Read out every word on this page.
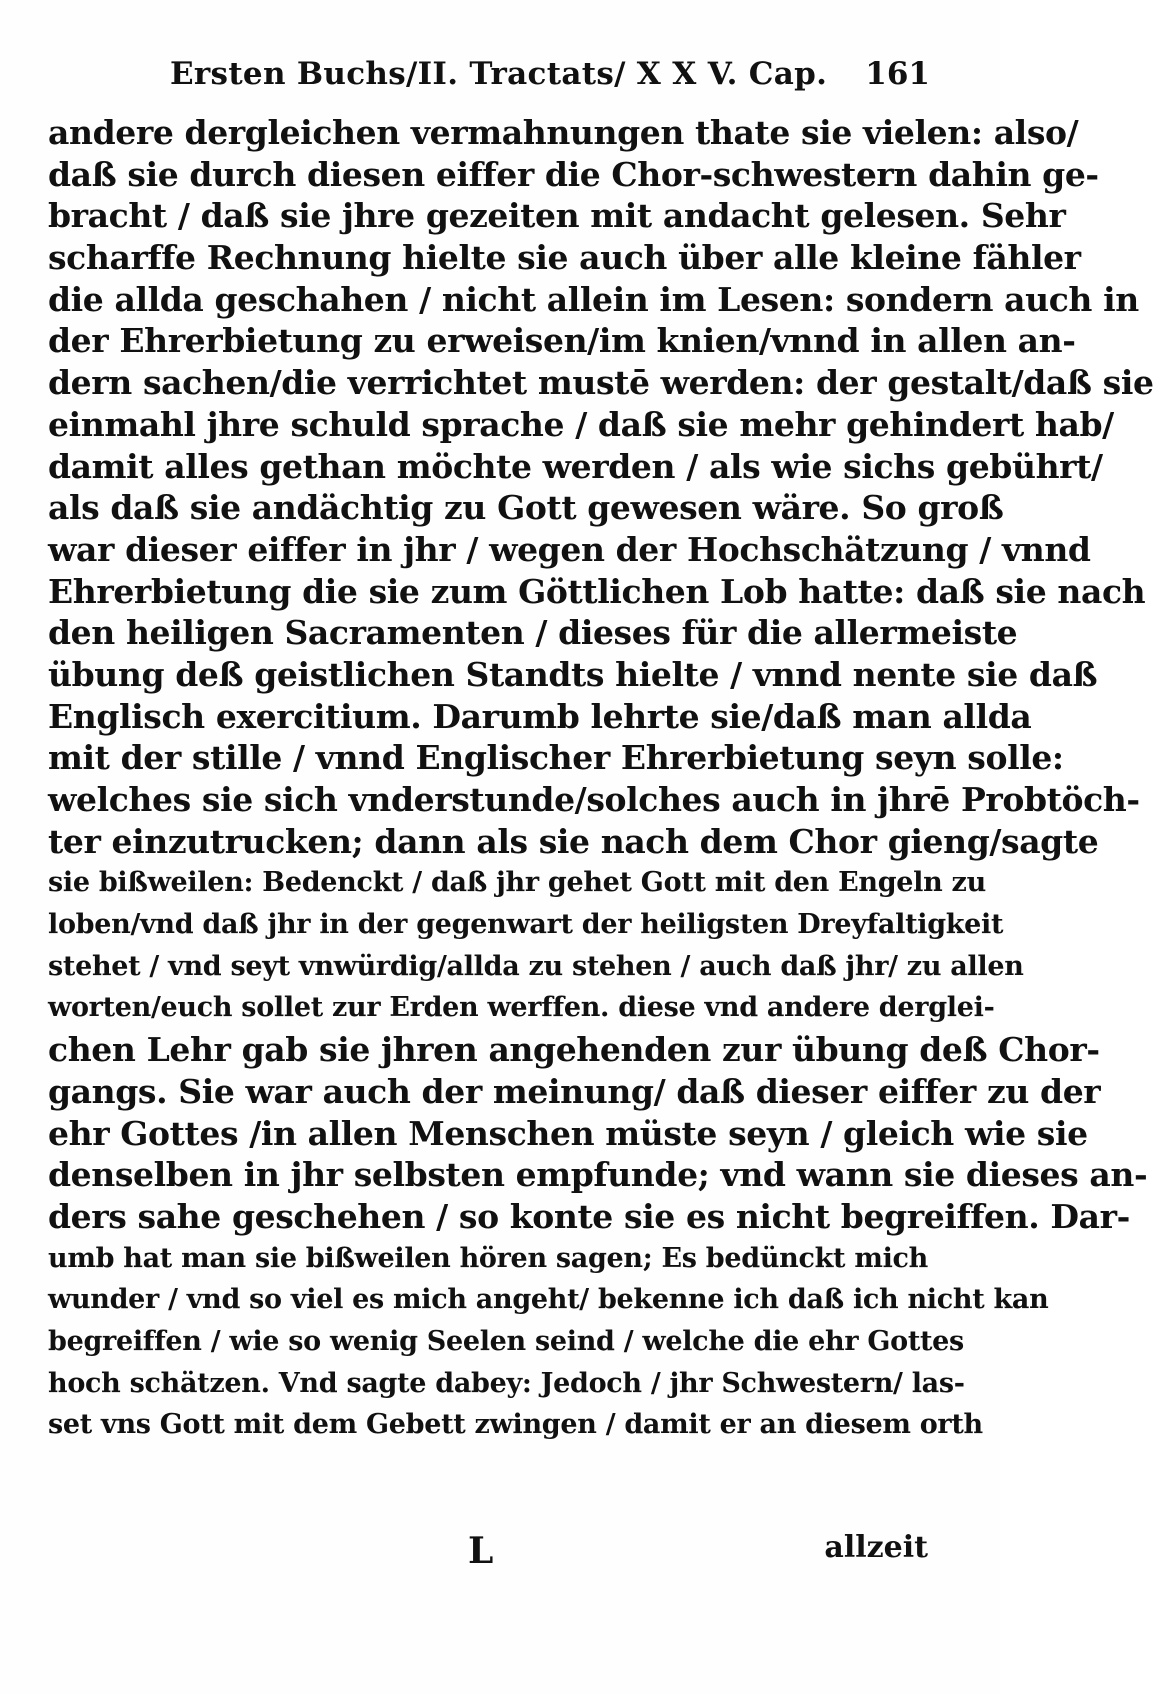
Ersten Buchs/II. Tractats/ X X V. Cap. 161
andere dergleichen vermahnungen thate sie vielen: also/
daß sie durch diesen eiffer die Chor-schwestern dahin ge-
bracht / daß sie jhre gezeiten mit andacht gelesen. Sehr
scharffe Rechnung hielte sie auch über alle kleine fähler
die allda geschahen / nicht allein im Lesen: sondern auch in
der Ehrerbietung zu erweisen/im knien/vnnd in allen an-
dern sachen/die verrichtet mustē werden: der gestalt/daß sie
einmahl jhre schuld sprache / daß sie mehr gehindert hab/
damit alles gethan möchte werden / als wie sichs gebührt/
als daß sie andächtig zu Gott gewesen wäre. So groß
war dieser eiffer in jhr / wegen der Hochschätzung / vnnd
Ehrerbietung die sie zum Göttlichen Lob hatte: daß sie nach
den heiligen Sacramenten / dieses für die allermeiste
übung deß geistlichen Standts hielte / vnnd nente sie daß
Englisch exercitium. Darumb lehrte sie/daß man allda
mit der stille / vnnd Englischer Ehrerbietung seyn solle:
welches sie sich vnderstunde/solches auch in jhrē Probtöch-
ter einzutrucken; dann als sie nach dem Chor gieng/sagte
sie bißweilen: Bedenckt / daß jhr gehet Gott mit den Engeln zu
loben/vnd daß jhr in der gegenwart der heiligsten Dreyfaltigkeit
stehet / vnd seyt vnwürdig/allda zu stehen / auch daß jhr/ zu allen
worten/euch sollet zur Erden werffen. diese vnd andere derglei-
chen Lehr gab sie jhren angehenden zur übung deß Chor-
gangs. Sie war auch der meinung/ daß dieser eiffer zu der
ehr Gottes /in allen Menschen müste seyn / gleich wie sie
denselben in jhr selbsten empfunde; vnd wann sie dieses an-
ders sahe geschehen / so konte sie es nicht begreiffen. Dar-
umb hat man sie bißweilen hören sagen; Es bedünckt mich
wunder / vnd so viel es mich angeht/ bekenne ich daß ich nicht kan
begreiffen / wie so wenig Seelen seind / welche die ehr Gottes
hoch schätzen. Vnd sagte dabey: Jedoch / jhr Schwestern/ las-
set vns Gott mit dem Gebett zwingen / damit er an diesem orth
L	allzeit
